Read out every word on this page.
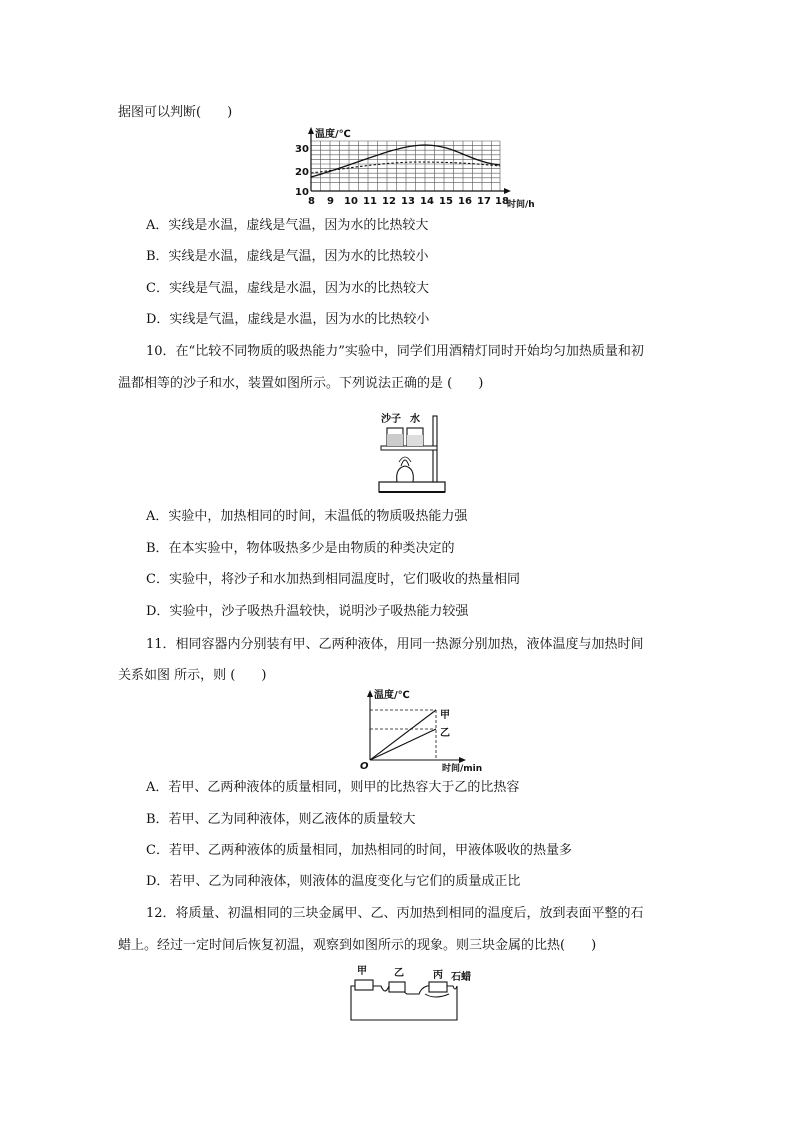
据图可以判断(　　)
温度/℃
30
20
10
8 9 10 11 12 13 14 15 16 17 18
时间/h
A．实线是水温，虚线是气温，因为水的比热较大
B．实线是水温，虚线是气温，因为水的比热较小
C．实线是气温，虚线是水温，因为水的比热较大
D．实线是气温，虚线是水温，因为水的比热较小
10．在“比较不同物质的吸热能力”实验中，同学们用酒精灯同时开始均匀加热质量和初
温都相等的沙子和水，装置如图所示。下列说法正确的是 (　　)
沙子 水
A．实验中，加热相同的时间，末温低的物质吸热能力强
B．在本实验中，物体吸热多少是由物质的种类决定的
C．实验中，将沙子和水加热到相同温度时，它们吸收的热量相同
D．实验中，沙子吸热升温较快，说明沙子吸热能力较强
11．相同容器内分别装有甲、乙两种液体，用同一热源分别加热，液体温度与加热时间
关系如图 所示，则 (　　)
温度/℃
甲
乙
O	时间/min
A．若甲、乙两种液体的质量相同，则甲的比热容大于乙的比热容
B．若甲、乙为同种液体，则乙液体的质量较大
C．若甲、乙两种液体的质量相同，加热相同的时间，甲液体吸收的热量多
D．若甲、乙为同种液体，则液体的温度变化与它们的质量成正比
12．将质量、初温相同的三块金属甲、乙、丙加热到相同的温度后，放到表面平整的石
蜡上。经过一定时间后恢复初温，观察到如图所示的现象。则三块金属的比热(　　)
甲	乙	丙 石蜡
